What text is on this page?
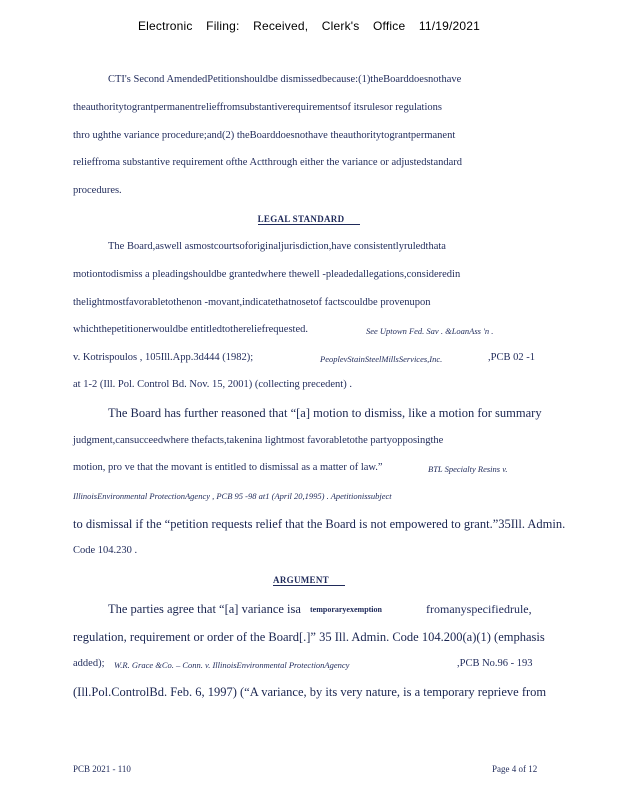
Electronic Filing: Received, Clerk's Office 11/19/2021
CTI's Second AmendedPetitionshouldbe dismissedbecause:(1)theBoarddoesnothave
theauthoritytograntpermanentrelieffromsubstantiverequirementsof itsrulesor regulations
thro ughthe variance procedure;and(2) theBoarddoesnothave theauthoritytograntpermanent
relieffroma substantive requirement ofthe Actthrough either the variance or adjustedstandard
procedures.
LEGAL STANDARD
The Board,aswell asmostcourtsoforiginaljurisdiction,have consistentlyruledthata
motiontodismiss a pleadingshouldbe grantedwhere thewell -pleadedallegations,consideredin
thelightmostfavorabletothenon -movant,indicatethatnosetof factscouldbe provenupon
whichthepetitionerwouldbe entitledtothereliefrequested.	See Uptown Fed. Sav . &LoanAss 'n .
v. Kotrispoulos , 105Ill.App.3d444 (1982);	PeoplevStainSteelMillsServices,Inc.	,PCB 02 -1
at 1-2 (Ill. Pol. Control Bd. Nov. 15, 2001) (collecting precedent) .
The Board has further reasoned that “[a] motion to dismiss, like a motion for summary
judgment,cansucceedwhere thefacts,takenina lightmost favorabletothe partyopposingthe
motion, pro ve that the movant is entitled to dismissal as a matter of law.”	BTL Specialty Resins v.
IllinoisEnvironmental ProtectionAgency , PCB 95 -98 at1 (April 20,1995) . Apetitionissubject
to dismissal if the “petition requests relief that the Board is not empowered to grant.”35Ill. Admin.
Code 104.230 .
ARGUMENT
The parties agree that “[a] variance isa	temporaryexemption	fromanyspecifiedrule,
regulation, requirement or order of the Board[.]” 35 Ill. Admin. Code 104.200(a)(1) (emphasis
added);	W.R. Grace &Co. – Conn. v. IllinoisEnvironmental ProtectionAgency	,PCB No.96 - 193
(Ill.Pol.ControlBd. Feb. 6, 1997) (“A variance, by its very nature, is a temporary reprieve from
PCB 2021 - 110	Page 4 of 12
